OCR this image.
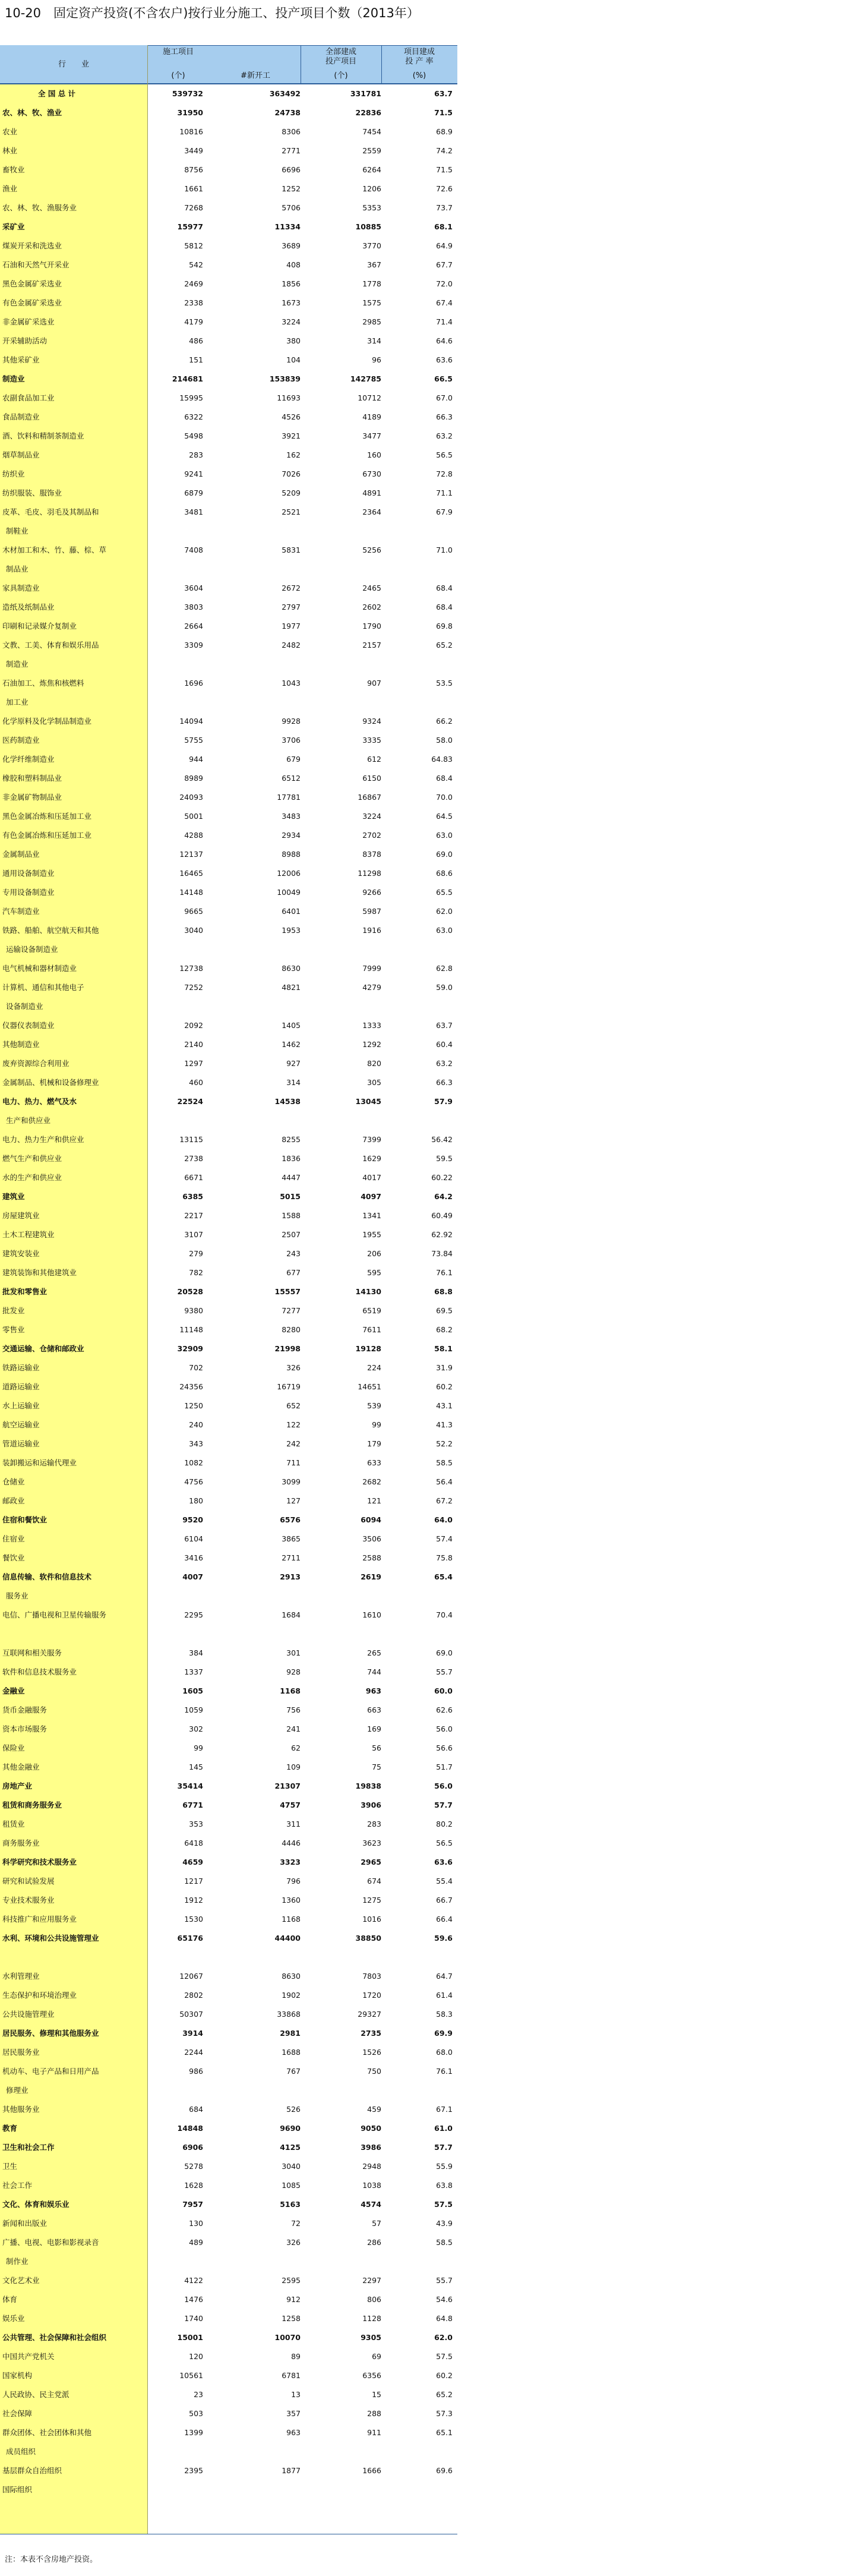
10-20　固定资产投资(不含农户)按行业分施工、投产项目个数（2013年）
行　　业
施工项目
(个)	#新开工
全部建成
投产项目
(个)
项目建成
投 产 率
(%)
全 国 总 计	539732	363492	331781	63.7
农、林、牧、渔业	31950	24738	22836	71.5
农业	10816	8306	7454	68.9
林业	3449	2771	2559	74.2
畜牧业	8756	6696	6264	71.5
渔业	1661	1252	1206	72.6
农、林、牧、渔服务业	7268	5706	5353	73.7
采矿业	15977	11334	10885	68.1
煤炭开采和洗选业	5812	3689	3770	64.9
石油和天然气开采业	542	408	367	67.7
黑色金属矿采选业	2469	1856	1778	72.0
有色金属矿采选业	2338	1673	1575	67.4
非金属矿采选业	4179	3224	2985	71.4
开采辅助活动	486	380	314	64.6
其他采矿业	151	104	96	63.6
制造业	214681	153839	142785	66.5
农副食品加工业	15995	11693	10712	67.0
食品制造业	6322	4526	4189	66.3
酒、饮料和精制茶制造业	5498	3921	3477	63.2
烟草制品业	283	162	160	56.5
纺织业	9241	7026	6730	72.8
纺织服装、服饰业	6879	5209	4891	71.1
皮革、毛皮、羽毛及其制品和	3481	2521	2364	67.9
制鞋业
木材加工和木、竹、藤、棕、草	7408	5831	5256	71.0
制品业
家具制造业	3604	2672	2465	68.4
造纸及纸制品业	3803	2797	2602	68.4
印刷和记录媒介复制业	2664	1977	1790	69.8
文教、工美、体育和娱乐用品	3309	2482	2157	65.2
制造业
石油加工、炼焦和核燃料	1696	1043	907	53.5
加工业
化学原料及化学制品制造业	14094	9928	9324	66.2
医药制造业	5755	3706	3335	58.0
化学纤维制造业	944	679	612	64.83
橡胶和塑料制品业	8989	6512	6150	68.4
非金属矿物制品业	24093	17781	16867	70.0
黑色金属冶炼和压延加工业	5001	3483	3224	64.5
有色金属冶炼和压延加工业	4288	2934	2702	63.0
金属制品业	12137	8988	8378	69.0
通用设备制造业	16465	12006	11298	68.6
专用设备制造业	14148	10049	9266	65.5
汽车制造业	9665	6401	5987	62.0
铁路、船舶、航空航天和其他	3040	1953	1916	63.0
运输设备制造业
电气机械和器材制造业	12738	8630	7999	62.8
计算机、通信和其他电子	7252	4821	4279	59.0
设备制造业
仪器仪表制造业	2092	1405	1333	63.7
其他制造业	2140	1462	1292	60.4
废弃资源综合利用业	1297	927	820	63.2
金属制品、机械和设备修理业	460	314	305	66.3
电力、热力、燃气及水	22524	14538	13045	57.9
生产和供应业
电力、热力生产和供应业	13115	8255	7399	56.42
燃气生产和供应业	2738	1836	1629	59.5
水的生产和供应业	6671	4447	4017	60.22
建筑业	6385	5015	4097	64.2
房屋建筑业	2217	1588	1341	60.49
土木工程建筑业	3107	2507	1955	62.92
建筑安装业	279	243	206	73.84
建筑装饰和其他建筑业	782	677	595	76.1
批发和零售业	20528	15557	14130	68.8
批发业	9380	7277	6519	69.5
零售业	11148	8280	7611	68.2
交通运输、仓储和邮政业	32909	21998	19128	58.1
铁路运输业	702	326	224	31.9
道路运输业	24356	16719	14651	60.2
水上运输业	1250	652	539	43.1
航空运输业	240	122	99	41.3
管道运输业	343	242	179	52.2
装卸搬运和运输代理业	1082	711	633	58.5
仓储业	4756	3099	2682	56.4
邮政业	180	127	121	67.2
住宿和餐饮业	9520	6576	6094	64.0
住宿业	6104	3865	3506	57.4
餐饮业	3416	2711	2588	75.8
信息传输、软件和信息技术	4007	2913	2619	65.4
服务业
电信、广播电视和卫星传输服务	2295	1684	1610	70.4
互联网和相关服务	384	301	265	69.0
软件和信息技术服务业	1337	928	744	55.7
金融业	1605	1168	963	60.0
货币金融服务	1059	756	663	62.6
资本市场服务	302	241	169	56.0
保险业	99	62	56	56.6
其他金融业	145	109	75	51.7
房地产业	35414	21307	19838	56.0
租赁和商务服务业	6771	4757	3906	57.7
租赁业	353	311	283	80.2
商务服务业	6418	4446	3623	56.5
科学研究和技术服务业	4659	3323	2965	63.6
研究和试验发展	1217	796	674	55.4
专业技术服务业	1912	1360	1275	66.7
科技推广和应用服务业	1530	1168	1016	66.4
水利、环境和公共设施管理业	65176	44400	38850	59.6
水利管理业	12067	8630	7803	64.7
生态保护和环境治理业	2802	1902	1720	61.4
公共设施管理业	50307	33868	29327	58.3
居民服务、修理和其他服务业	3914	2981	2735	69.9
居民服务业	2244	1688	1526	68.0
机动车、电子产品和日用产品	986	767	750	76.1
修理业
其他服务业	684	526	459	67.1
教育	14848	9690	9050	61.0
卫生和社会工作	6906	4125	3986	57.7
卫生	5278	3040	2948	55.9
社会工作	1628	1085	1038	63.8
文化、体育和娱乐业	7957	5163	4574	57.5
新闻和出版业	130	72	57	43.9
广播、电视、电影和影视录音	489	326	286	58.5
制作业
文化艺术业	4122	2595	2297	55.7
体育	1476	912	806	54.6
娱乐业	1740	1258	1128	64.8
公共管理、社会保障和社会组织	15001	10070	9305	62.0
中国共产党机关	120	89	69	57.5
国家机构	10561	6781	6356	60.2
人民政协、民主党派	23	13	15	65.2
社会保障	503	357	288	57.3
群众团体、社会团体和其他	1399	963	911	65.1
成员组织
基层群众自治组织	2395	1877	1666	69.6
国际组织
注：本表不含房地产投资。
